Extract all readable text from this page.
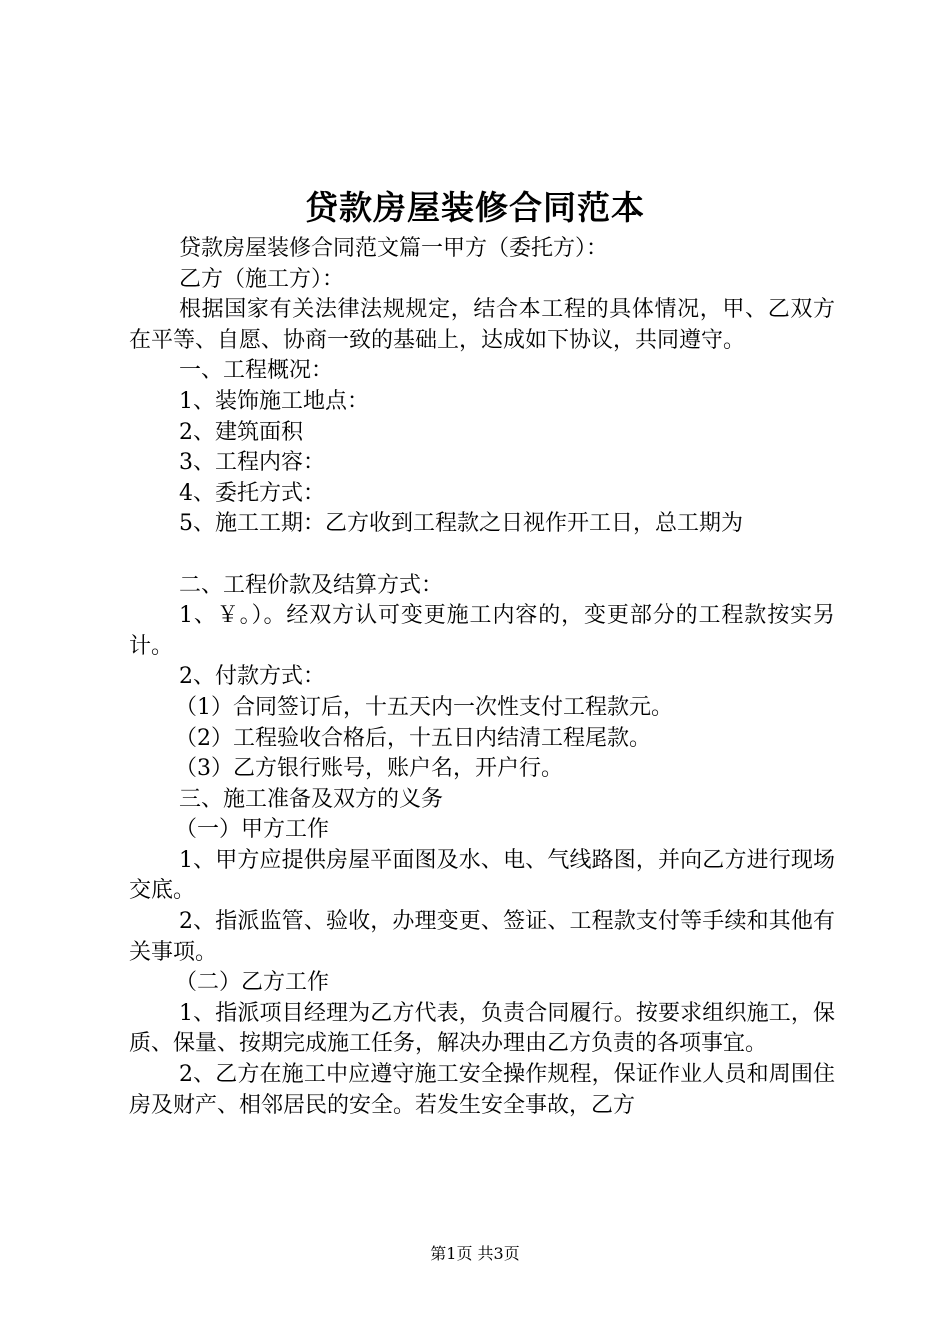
贷款房屋装修合同范本

贷款房屋装修合同范文篇一甲方（委托方）：

乙方（施工方）：

根据国家有关法律法规规定，结合本工程的具体情况，甲、乙双方在平等、自愿、协商一致的基础上，达成如下协议，共同遵守。

一、工程概况：

1、装饰施工地点：

2、建筑面积

3、工程内容：

4、委托方式：

5、施工工期：乙方收到工程款之日视作开工日，总工期为

二、工程价款及结算方式：

1、￥。）。经双方认可变更施工内容的，变更部分的工程款按实另计。

2、付款方式：

（1）合同签订后，十五天内一次性支付工程款元。

（2）工程验收合格后，十五日内结清工程尾款。

（3）乙方银行账号，账户名，开户行。

三、施工准备及双方的义务

（一）甲方工作

1、甲方应提供房屋平面图及水、电、气线路图，并向乙方进行现场交底。

2、指派监管、验收，办理变更、签证、工程款支付等手续和其他有关事项。

（二）乙方工作

1、指派项目经理为乙方代表，负责合同履行。按要求组织施工，保质、保量、按期完成施工任务，解决办理由乙方负责的各项事宜。

2、乙方在施工中应遵守施工安全操作规程，保证作业人员和周围住房及财产、相邻居民的安全。若发生安全事故，乙方

第1页 共3页
